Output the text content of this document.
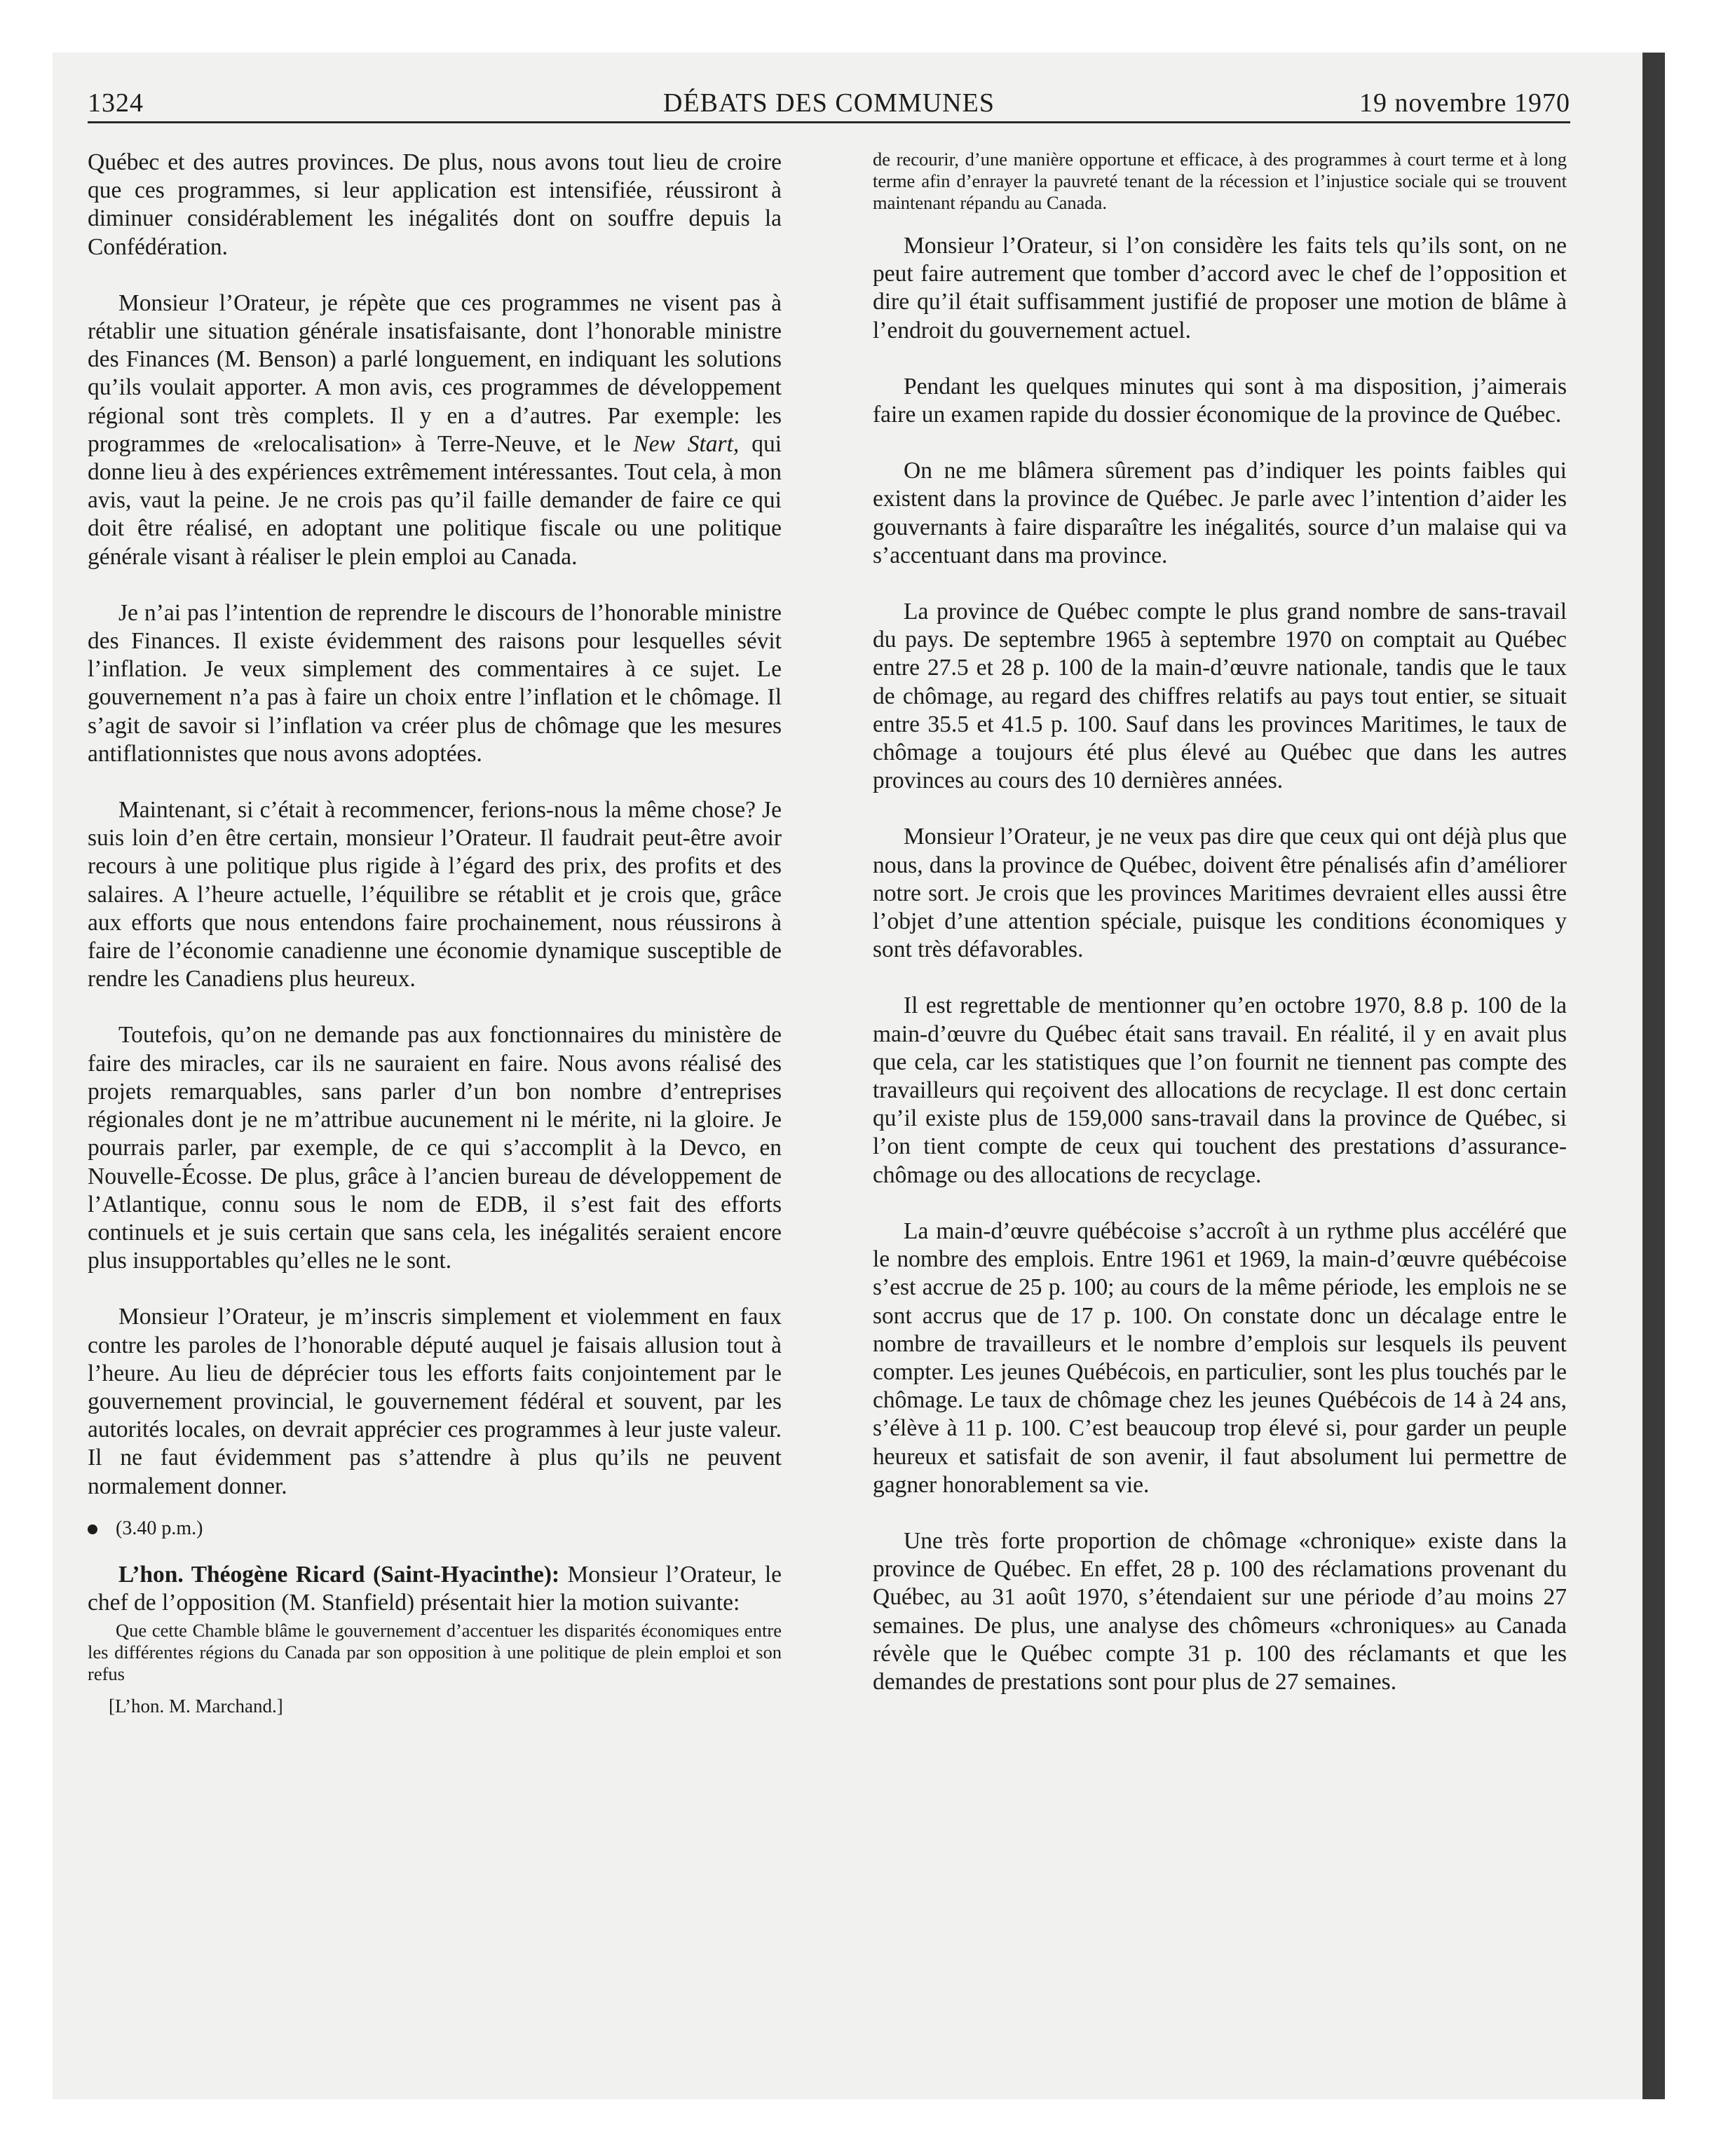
1324	DÉBATS DES COMMUNES	19 novembre 1970

Québec et des autres provinces. De plus, nous avons tout lieu de croire que ces programmes, si leur application est intensifiée, réussiront à diminuer considérablement les inégalités dont on souffre depuis la Confédération.

Monsieur l’Orateur, je répète que ces programmes ne visent pas à rétablir une situation générale insatisfaisante, dont l’honorable ministre des Finances (M. Benson) a parlé longuement, en indiquant les solutions qu’ils voulait apporter. A mon avis, ces programmes de développement régional sont très complets. Il y en a d’autres. Par exemple: les programmes de «relocalisation» à Terre-Neuve, et le New Start, qui donne lieu à des expériences extrêmement intéressantes. Tout cela, à mon avis, vaut la peine. Je ne crois pas qu’il faille demander de faire ce qui doit être réalisé, en adoptant une politique fiscale ou une politique générale visant à réaliser le plein emploi au Canada.

Je n’ai pas l’intention de reprendre le discours de l’honorable ministre des Finances. Il existe évidemment des raisons pour lesquelles sévit l’inflation. Je veux simplement des commentaires à ce sujet. Le gouvernement n’a pas à faire un choix entre l’inflation et le chômage. Il s’agit de savoir si l’inflation va créer plus de chômage que les mesures antiflationnistes que nous avons adoptées.

Maintenant, si c’était à recommencer, ferions-nous la même chose? Je suis loin d’en être certain, monsieur l’Orateur. Il faudrait peut-être avoir recours à une politique plus rigide à l’égard des prix, des profits et des salaires. A l’heure actuelle, l’équilibre se rétablit et je crois que, grâce aux efforts que nous entendons faire prochainement, nous réussirons à faire de l’économie canadienne une économie dynamique susceptible de rendre les Canadiens plus heureux.

Toutefois, qu’on ne demande pas aux fonctionnaires du ministère de faire des miracles, car ils ne sauraient en faire. Nous avons réalisé des projets remarquables, sans parler d’un bon nombre d’entreprises régionales dont je ne m’attribue aucunement ni le mérite, ni la gloire. Je pourrais parler, par exemple, de ce qui s’accomplit à la Devco, en Nouvelle-Écosse. De plus, grâce à l’ancien bureau de développement de l’Atlantique, connu sous le nom de EDB, il s’est fait des efforts continuels et je suis certain que sans cela, les inégalités seraient encore plus insupportables qu’elles ne le sont.

Monsieur l’Orateur, je m’inscris simplement et violemment en faux contre les paroles de l’honorable député auquel je faisais allusion tout à l’heure. Au lieu de déprécier tous les efforts faits conjointement par le gouvernement provincial, le gouvernement fédéral et souvent, par les autorités locales, on devrait apprécier ces programmes à leur juste valeur. Il ne faut évidemment pas s’attendre à plus qu’ils ne peuvent normalement donner.

(3.40 p.m.)

L’hon. Théogène Ricard (Saint-Hyacinthe): Monsieur l’Orateur, le chef de l’opposition (M. Stanfield) présentait hier la motion suivante:

Que cette Chamble blâme le gouvernement d’accentuer les disparités économiques entre les différentes régions du Canada par son opposition à une politique de plein emploi et son refus

[L’hon. M. Marchand.]

de recourir, d’une manière opportune et efficace, à des programmes à court terme et à long terme afin d’enrayer la pauvreté tenant de la récession et l’injustice sociale qui se trouvent maintenant répandu au Canada.

Monsieur l’Orateur, si l’on considère les faits tels qu’ils sont, on ne peut faire autrement que tomber d’accord avec le chef de l’opposition et dire qu’il était suffisamment justifié de proposer une motion de blâme à l’endroit du gouvernement actuel.

Pendant les quelques minutes qui sont à ma disposition, j’aimerais faire un examen rapide du dossier économique de la province de Québec.

On ne me blâmera sûrement pas d’indiquer les points faibles qui existent dans la province de Québec. Je parle avec l’intention d’aider les gouvernants à faire disparaître les inégalités, source d’un malaise qui va s’accentuant dans ma province.

La province de Québec compte le plus grand nombre de sans-travail du pays. De septembre 1965 à septembre 1970 on comptait au Québec entre 27.5 et 28 p. 100 de la main-d’œuvre nationale, tandis que le taux de chômage, au regard des chiffres relatifs au pays tout entier, se situait entre 35.5 et 41.5 p. 100. Sauf dans les provinces Maritimes, le taux de chômage a toujours été plus élevé au Québec que dans les autres provinces au cours des 10 dernières années.

Monsieur l’Orateur, je ne veux pas dire que ceux qui ont déjà plus que nous, dans la province de Québec, doivent être pénalisés afin d’améliorer notre sort. Je crois que les provinces Maritimes devraient elles aussi être l’objet d’une attention spéciale, puisque les conditions économiques y sont très défavorables.

Il est regrettable de mentionner qu’en octobre 1970, 8.8 p. 100 de la main-d’œuvre du Québec était sans travail. En réalité, il y en avait plus que cela, car les statistiques que l’on fournit ne tiennent pas compte des travailleurs qui reçoivent des allocations de recyclage. Il est donc certain qu’il existe plus de 159,000 sans-travail dans la province de Québec, si l’on tient compte de ceux qui touchent des prestations d’assurance-chômage ou des allocations de recyclage.

La main-d’œuvre québécoise s’accroît à un rythme plus accéléré que le nombre des emplois. Entre 1961 et 1969, la main-d’œuvre québécoise s’est accrue de 25 p. 100; au cours de la même période, les emplois ne se sont accrus que de 17 p. 100. On constate donc un décalage entre le nombre de travailleurs et le nombre d’emplois sur lesquels ils peuvent compter. Les jeunes Québécois, en particulier, sont les plus touchés par le chômage. Le taux de chômage chez les jeunes Québécois de 14 à 24 ans, s’élève à 11 p. 100. C’est beaucoup trop élevé si, pour garder un peuple heureux et satisfait de son avenir, il faut absolument lui permettre de gagner honorablement sa vie.

Une très forte proportion de chômage «chronique» existe dans la province de Québec. En effet, 28 p. 100 des réclamations provenant du Québec, au 31 août 1970, s’étendaient sur une période d’au moins 27 semaines. De plus, une analyse des chômeurs «chroniques» au Canada révèle que le Québec compte 31 p. 100 des réclamants et que les demandes de prestations sont pour plus de 27 semaines.
